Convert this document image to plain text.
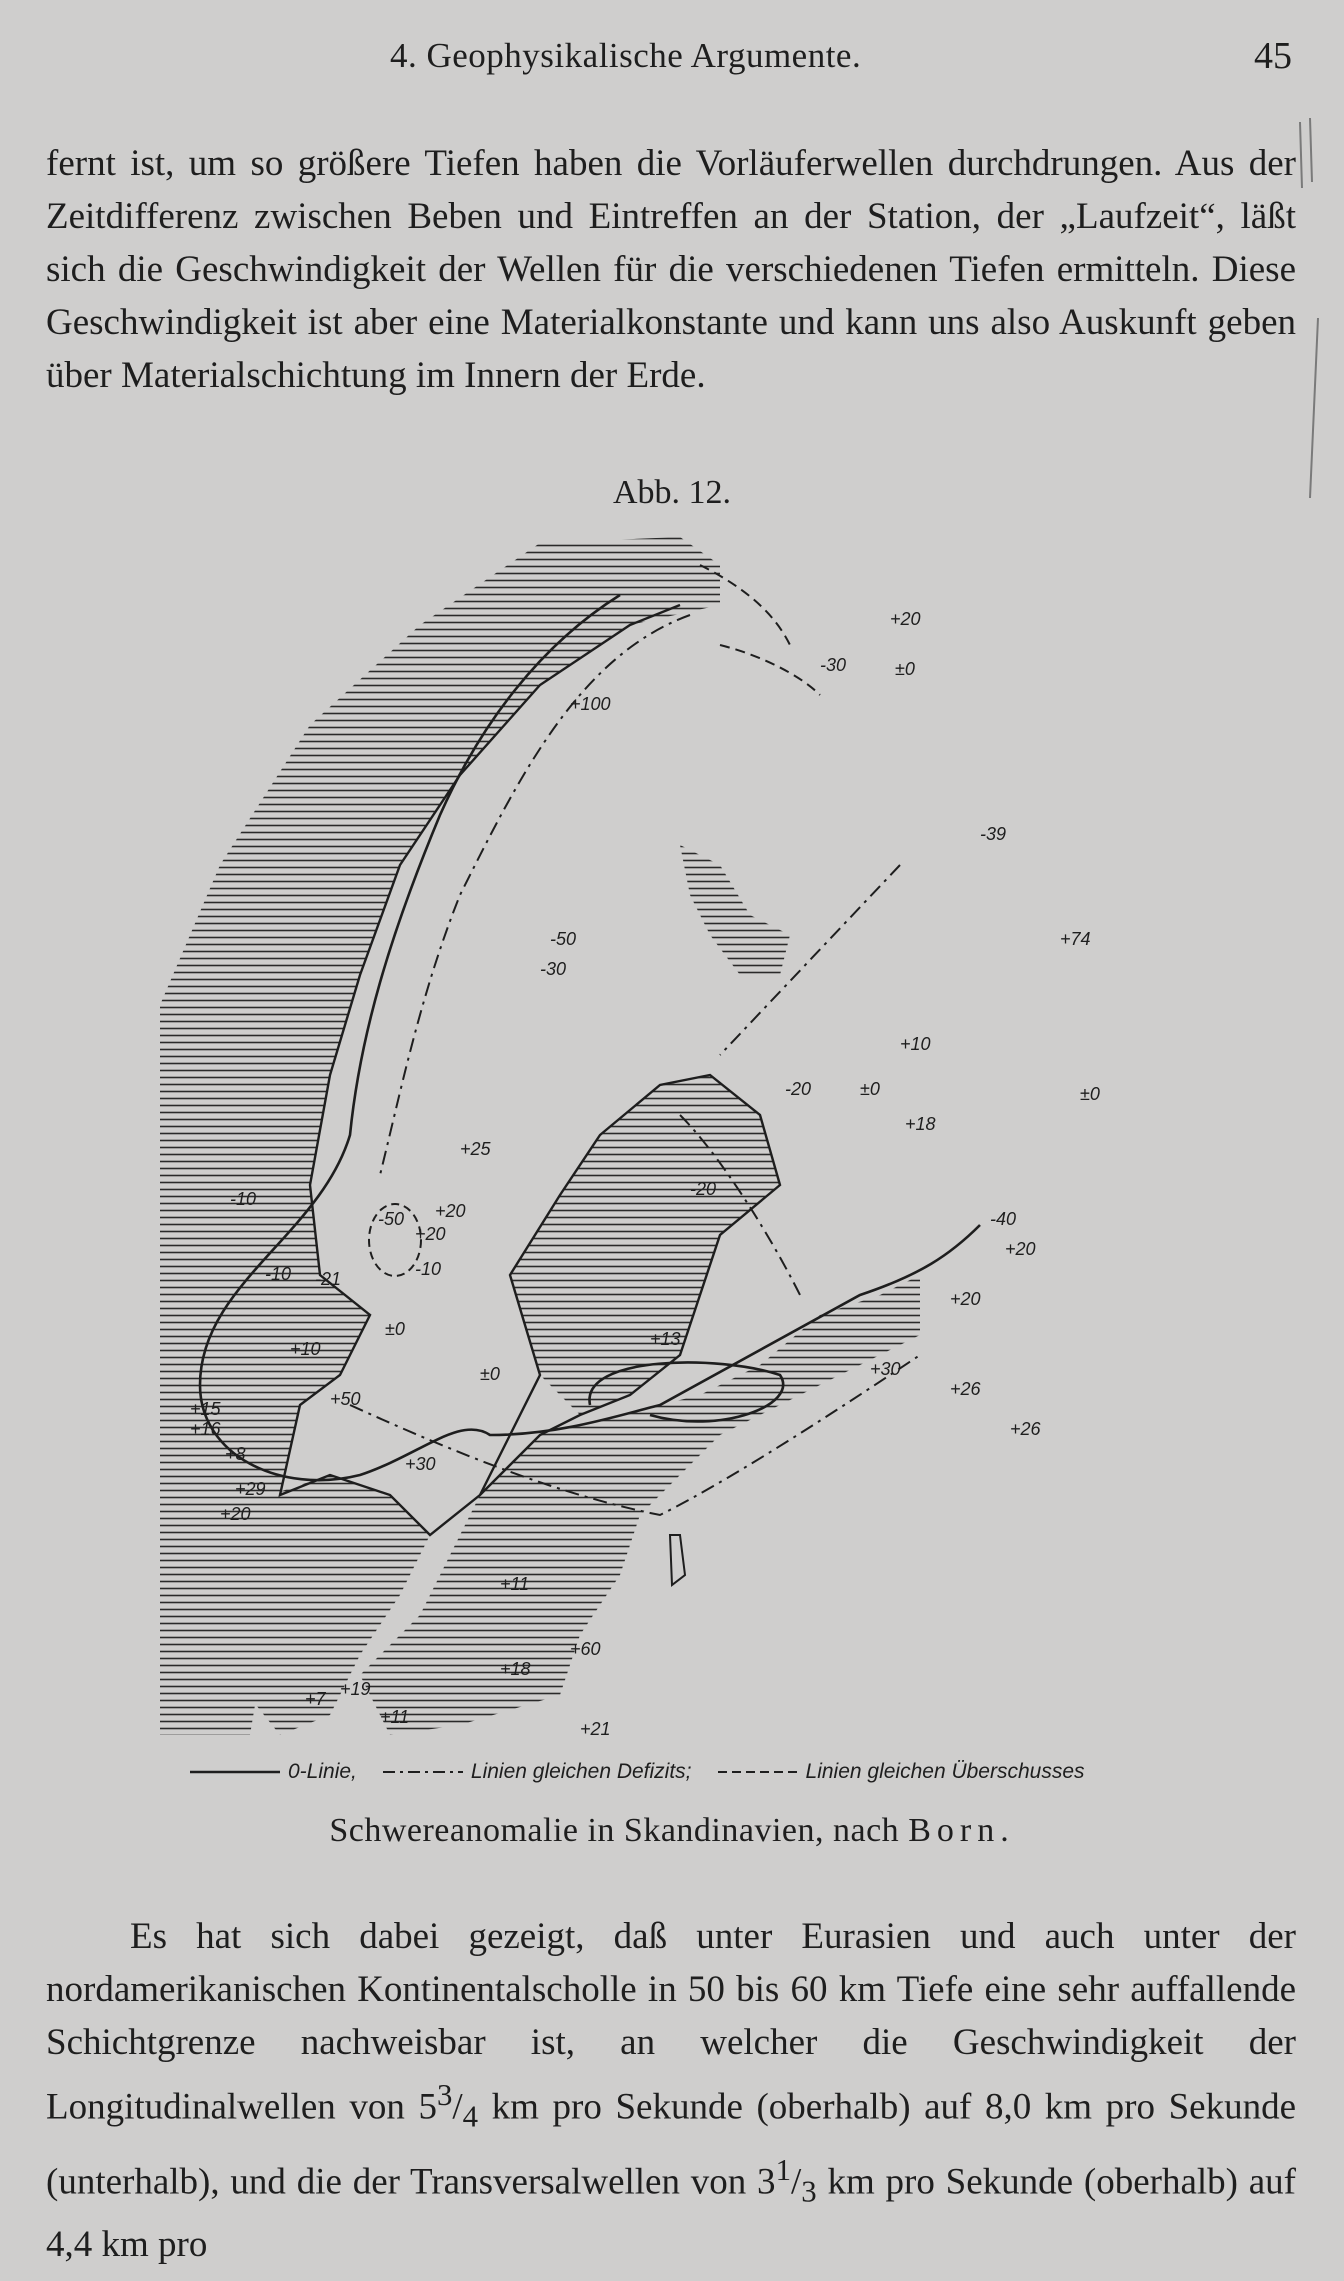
4. Geophysikalische Argumente.	45

fernt ist, um so größere Tiefen haben die Vorläuferwellen durchdrungen. Aus der Zeitdifferenz zwischen Beben und Eintreffen an der Station, der „Laufzeit“, läßt sich die Geschwindigkeit der Wellen für die verschiedenen Tiefen ermitteln. Diese Geschwindigkeit ist aber eine Materialkonstante und kann uns also Auskunft geben über Materialschichtung im Innern der Erde.

Abb. 12.
+20
±0
-30
+100
-39
+74
-50
-30
+10
-20	±0
+18
±0
+25
+20
-10
-50
+20
-10 -21
-20
-10
±0	+13
+10
±0
+50
+15
+16
+8	+30
+29
+20
+26
+26
+20
-40
+20
+30
+11
+60
+18
+21
+19
+11
+7
0-Linie,	Linien gleichen Defizits;	Linien gleichen Überschusses
Schwereanomalie in Skandinavien, nach Born.

Es hat sich dabei gezeigt, daß unter Eurasien und auch unter der nordamerikanischen Kontinentalscholle in 50 bis 60 km Tiefe eine sehr auffallende Schichtgrenze nachweisbar ist, an welcher die Geschwindigkeit der Longitudinalwellen von $5^3/_4$ km pro Sekunde (oberhalb) auf 8,0 km pro Sekunde (unterhalb), und die der Transversalwellen von $3^1/_3$ km pro Sekunde (oberhalb) auf 4,4 km pro
